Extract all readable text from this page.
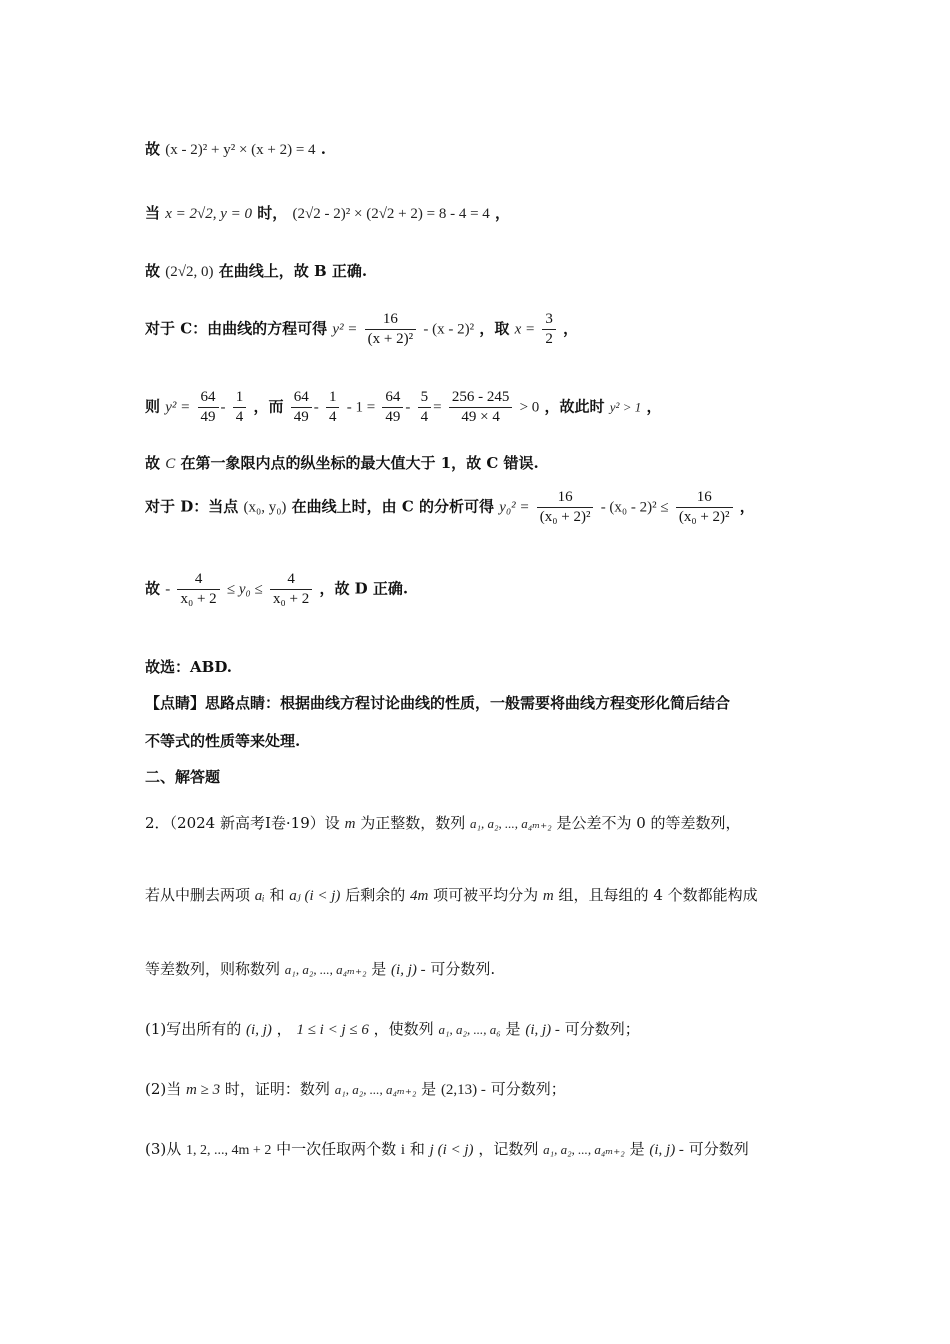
故 (x - 2)² + y² × (x + 2) = 4 .
当 x = 2√2, y = 0 时， (2√2 - 2)² × (2√2 + 2) = 8 - 4 = 4 ，
故 (2√2, 0) 在曲线上，故 B 正确.
对于 C：由曲线的方程可得 $y^2 = \frac{16}{\text{(x + 2)²}} - (x - 2)^2$ ，取 $x = \frac{3}{2}$ ，
则 $y^2 = \frac{64}{49} - \frac{1}{4}$ ，而 $\frac{64}{49} - \frac{1}{4} - 1 = \frac{64}{49} - \frac{5}{4} = \frac{256 - 245}{49 \times 4} > 0$ ，故此时 y² > 1 ，
故 C 在第一象限内点的纵坐标的最大值大于 1，故 C 错误.
对于 D：当点 (x₀, y₀) 在曲线上时，由 C 的分析可得 $y_0^2 = \frac{16}{\text{(x₀ + 2)²}} - (x_0 - 2)^2 \le \frac{16}{\text{(x₀ + 2)²}}$ ，
故 - $\frac{4}{\text{x₀ + 2}} \le y_0 \le \frac{4}{\text{x₀ + 2}}$ ，故 D 正确.
故选：ABD.
【点睛】思路点睛：根据曲线方程讨论曲线的性质，一般需要将曲线方程变形化简后结合
不等式的性质等来处理.
二、解答题
2．（2024 新高考Ⅰ卷·19）设 m 为正整数，数列 a₁, a₂, ..., a₄ₘ₊₂ 是公差不为 0 的等差数列，
若从中删去两项 aᵢ 和 aⱼ (i < j) 后剩余的 4m 项可被平均分为 m 组，且每组的 4 个数都能构成
等差数列，则称数列 a₁, a₂, ..., a₄ₘ₊₂ 是 (i, j) - 可分数列.
(1)写出所有的 (i, j) ， 1 ≤ i < j ≤ 6 ，使数列 a₁, a₂, ..., a₆ 是 (i, j) - 可分数列；
(2)当 m ≥ 3 时，证明：数列 a₁, a₂, ..., a₄ₘ₊₂ 是 (2,13) - 可分数列；
(3)从 1, 2, ..., 4m + 2 中一次任取两个数 i 和 j (i < j) ，记数列 a₁, a₂, ..., a₄ₘ₊₂ 是 (i, j) - 可分数列
